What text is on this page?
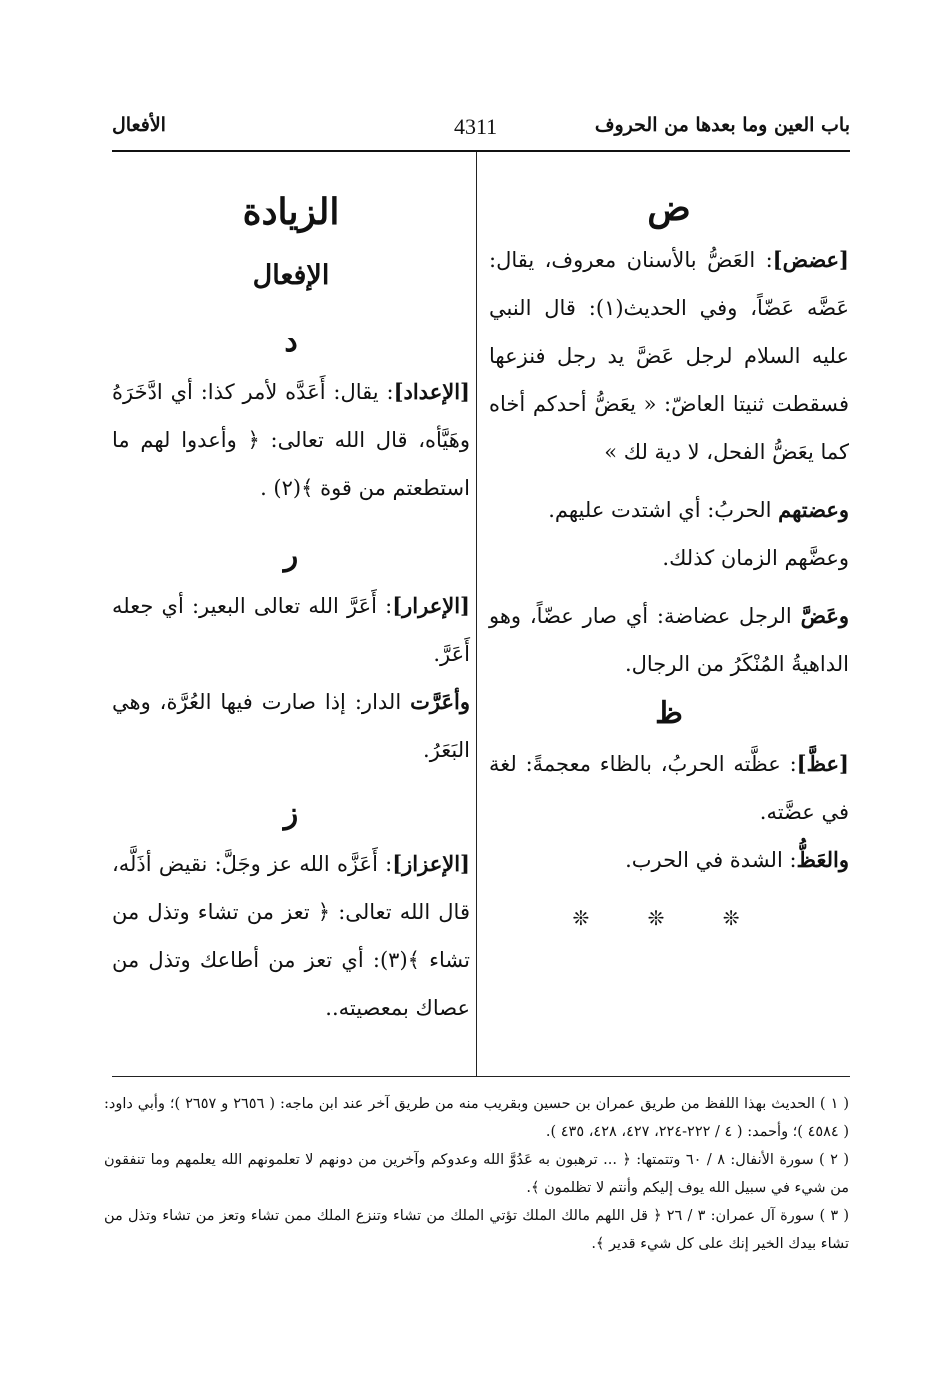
باب العين وما بعدها من الحروف
4311
الأفعال
ض

[عضض]: العَضُّ بالأسنان معروف، يقال: عَضَّه عَضّاً، وفي الحديث(١): قال النبي عليه السلام لرجل عَضَّ يد رجل فنزعها فسقطت ثنيتا العاضّ: « يعَضُّ أحدكم أخاه كما يعَضُّ الفحل، لا دية لك »

وعضتهم الحربُ: أي اشتدت عليهم.

وعضَّهم الزمان كذلك.

وعَضَّ الرجل عضاضة: أي صار عضّاً، وهو الداهيةُ المُنْكَرُ من الرجال.

ظ

[عظَّ]: عظَّته الحربُ، بالظاء معجمةً: لغة في عضَّته.

والعَظُّ: الشدة في الحرب.

❊ ❊ ❊
الزيادة
الإفعال
د

[الإعداد]: يقال: أَعَدَّه لأمر كذا: أي ادَّخَرَهُ وهَيَّأه، قال الله تعالى: ﴿ وأعدوا لهم ما استطعتم من قوة ﴾(٢) .

ر

[الإعرار]: أَعَرَّ الله تعالى البعير: أي جعله أَعَرَّ.

وأعَرَّت الدار: إذا صارت فيها العُرَّة، وهي البَعَرُ.

ز

[الإعزاز]: أَعَزَّه الله عز وجَلَّ: نقيض أذَلَّه، قال الله تعالى: ﴿ تعز من تشاء وتذل من تشاء ﴾(٣): أي تعز من أطاعك وتذل من عصاك بمعصيته..

( ١ ) الحديث بهذا اللفظ من طريق عمران بن حسين وبقريب منه من طريق آخر عند ابن ماجه: ( ٢٦٥٦ و ٢٦٥٧ )؛ وأبي داود: ( ٤٥٨٤ )؛ وأحمد: ( ٤ / ٢٢٢-٢٢٤، ٤٢٧، ٤٢٨، ٤٣٥ ).

( ٢ ) سورة الأنفال: ٨ / ٦٠ وتتمتها: ﴿ ... ترهبون به عَدُوَّ الله وعدوكم وآخرين من دونهم لا تعلمونهم الله يعلمهم وما تنفقون من شيء في سبيل الله يوف إليكم وأنتم لا تظلمون ﴾.

( ٣ ) سورة آل عمران: ٣ / ٢٦ ﴿ قل اللهم مالك الملك تؤتي الملك من تشاء وتنزع الملك ممن تشاء وتعز من تشاء وتذل من تشاء بيدك الخير إنك على كل شيء قدير ﴾.
